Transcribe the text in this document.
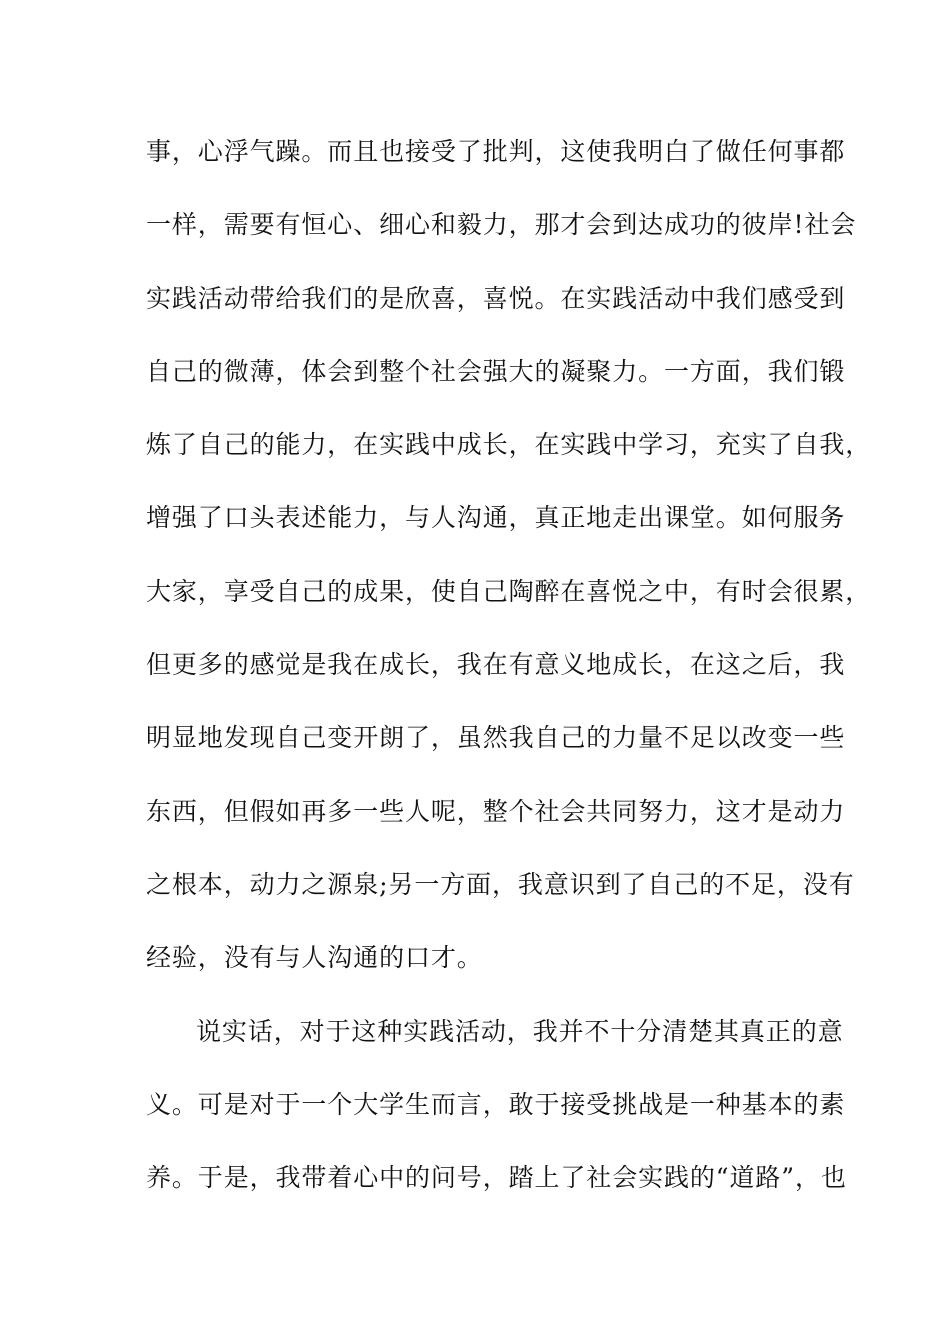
事，心浮气躁。而且也接受了批判，这使我明白了做任何事都
一样，需要有恒心、细心和毅力，那才会到达成功的彼岸!社会
实践活动带给我们的是欣喜，喜悦。在实践活动中我们感受到
自己的微薄，体会到整个社会强大的凝聚力。一方面，我们锻
炼了自己的能力，在实践中成长，在实践中学习，充实了自我，
增强了口头表述能力，与人沟通，真正地走出课堂。如何服务
大家，享受自己的成果，使自己陶醉在喜悦之中，有时会很累，
但更多的感觉是我在成长，我在有意义地成长，在这之后，我
明显地发现自己变开朗了，虽然我自己的力量不足以改变一些
东西，但假如再多一些人呢，整个社会共同努力，这才是动力
之根本，动力之源泉;另一方面，我意识到了自己的不足，没有
经验，没有与人沟通的口才。
说实话，对于这种实践活动，我并不十分清楚其真正的意
义。可是对于一个大学生而言，敢于接受挑战是一种基本的素
养。于是，我带着心中的问号，踏上了社会实践的“道路”，也
